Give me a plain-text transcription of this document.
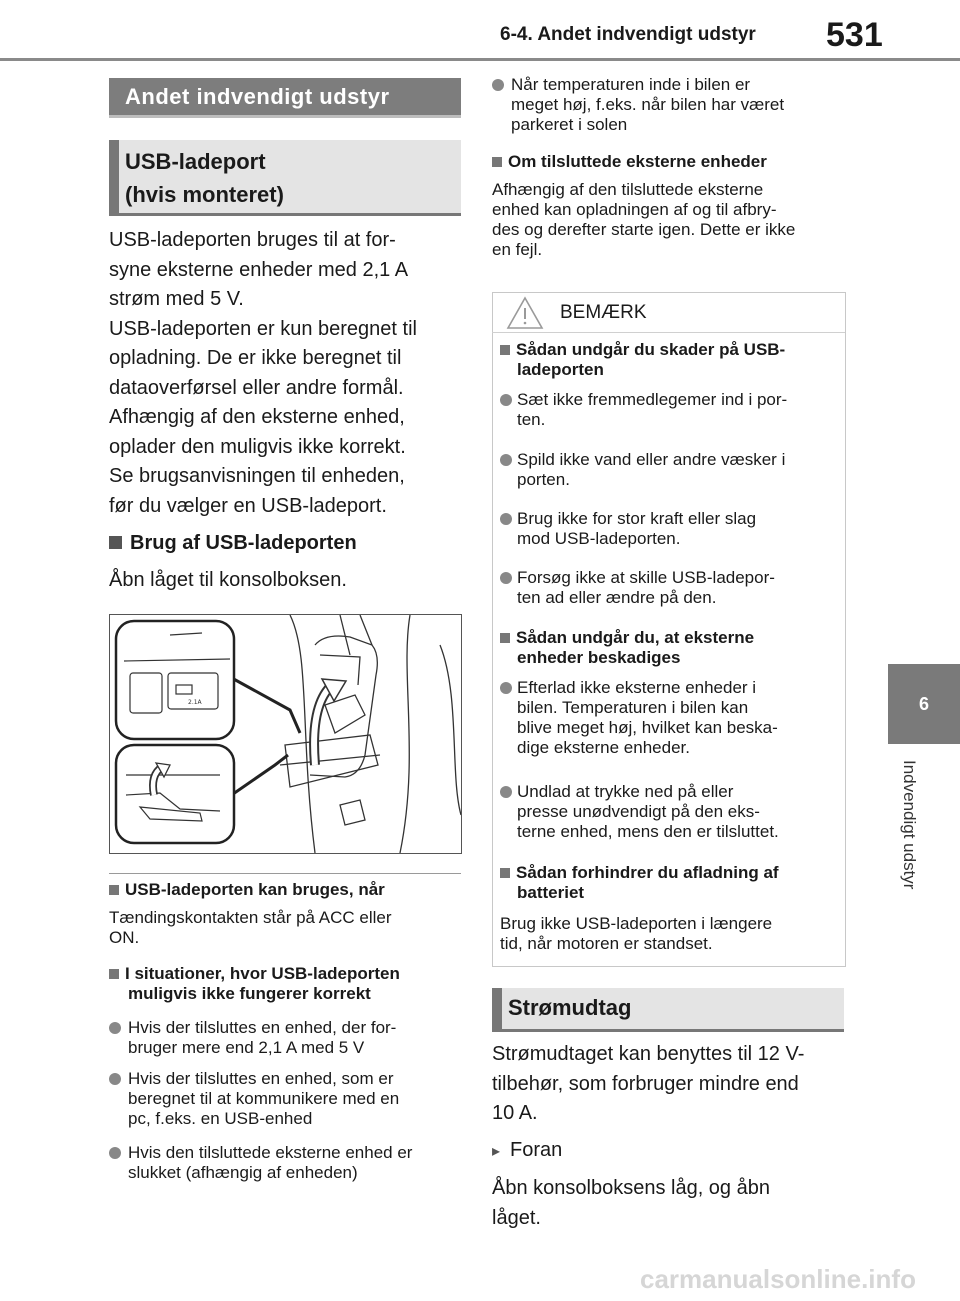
6-4. Andet indvendigt udstyr 531
6
Indvendigt udstyr
Andet indvendigt udstyr
USB-ladeport
(hvis monteret)
USB-ladeporten bruges til at for-
syne eksterne enheder med 2,1 A
strøm med 5 V.
USB-ladeporten er kun beregnet til
opladning. De er ikke beregnet til
dataoverførsel eller andre formål.
Afhængig af den eksterne enhed,
oplader den muligvis ikke korrekt.
Se brugsanvisningen til enheden,
før du vælger en USB-ladeport.
Brug af USB-ladeporten
Åbn låget til konsolboksen.
2.1A
USB-ladeporten kan bruges, når
Tændingskontakten står på ACC eller
ON.
I situationer, hvor USB-ladeporten
muligvis ikke fungerer korrekt
Hvis der tilsluttes en enhed, der for-
bruger mere end 2,1 A med 5 V
Hvis der tilsluttes en enhed, som er
beregnet til at kommunikere med en
pc, f.eks. en USB-enhed
Hvis den tilsluttede eksterne enhed er
slukket (afhængig af enheden)
Når temperaturen inde i bilen er
meget høj, f.eks. når bilen har været
parkeret i solen
Om tilsluttede eksterne enheder
Afhængig af den tilsluttede eksterne
enhed kan opladningen af og til afbry-
des og derefter starte igen. Dette er ikke
en fejl.
BEMÆRK
Sådan undgår du skader på USB-
ladeporten
Sæt ikke fremmedlegemer ind i por-
ten.
Spild ikke vand eller andre væsker i
porten.
Brug ikke for stor kraft eller slag
mod USB-ladeporten.
Forsøg ikke at skille USB-ladepor-
ten ad eller ændre på den.
Sådan undgår du, at eksterne
enheder beskadiges
Efterlad ikke eksterne enheder i
bilen. Temperaturen i bilen kan
blive meget høj, hvilket kan beska-
dige eksterne enheder.
Undlad at trykke ned på eller
presse unødvendigt på den eks-
terne enhed, mens den er tilsluttet.
Sådan forhindrer du afladning af
batteriet
Brug ikke USB-ladeporten i længere
tid, når motoren er standset.
Strømudtag
Strømudtaget kan benyttes til 12 V-
tilbehør, som forbruger mindre end
10 A.
▸ Foran
Åbn konsolboksens låg, og åbn
låget.
carmanualsonline.info
